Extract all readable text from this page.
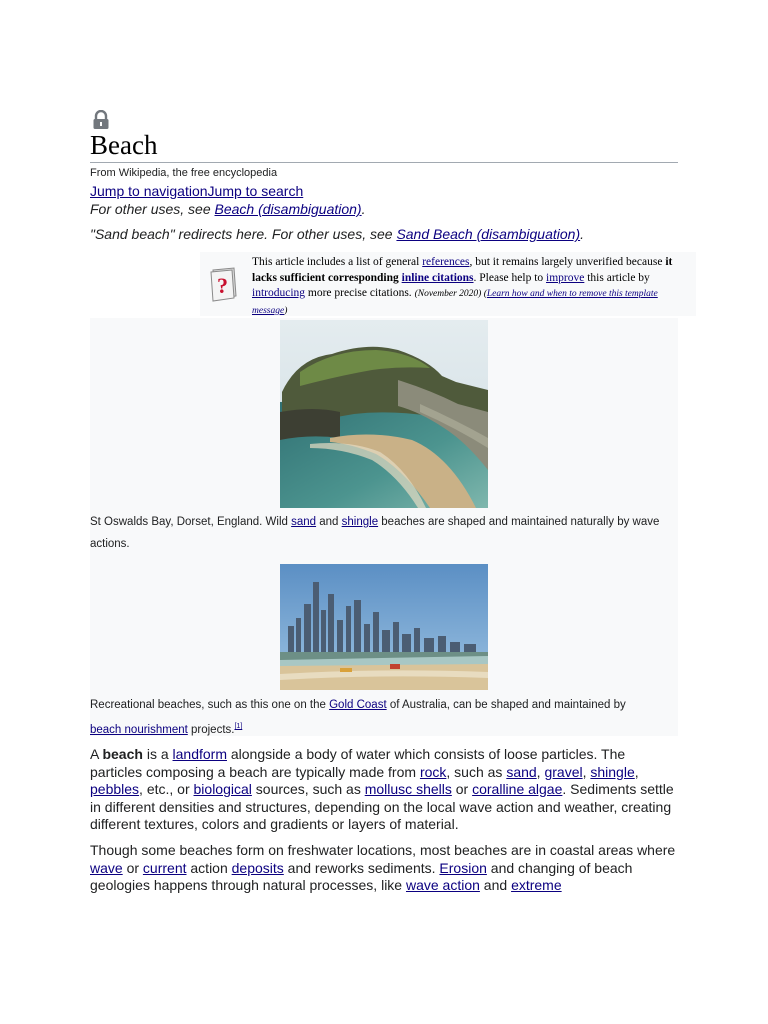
Beach
From Wikipedia, the free encyclopedia
Jump to navigationJump to search
For other uses, see Beach (disambiguation).
"Sand beach" redirects here. For other uses, see Sand Beach (disambiguation).
?
This article includes a list of general references, but it remains largely unverified because it lacks sufficient corresponding inline citations. Please help to improve this article by introducing more precise citations. (November 2020) (Learn how and when to remove this template message)
St Oswalds Bay, Dorset, England. Wild sand and shingle beaches are shaped and maintained naturally by wave actions.
Recreational beaches, such as this one on the Gold Coast of Australia, can be shaped and maintained by beach nourishment projects.[1]

A beach is a landform alongside a body of water which consists of loose particles. The particles composing a beach are typically made from rock, such as sand, gravel, shingle, pebbles, etc., or biological sources, such as mollusc shells or coralline algae. Sediments settle in different densities and structures, depending on the local wave action and weather, creating different textures, colors and gradients or layers of material.

Though some beaches form on freshwater locations, most beaches are in coastal areas where wave or current action deposits and reworks sediments. Erosion and changing of beach geologies happens through natural processes, like wave action and extreme
